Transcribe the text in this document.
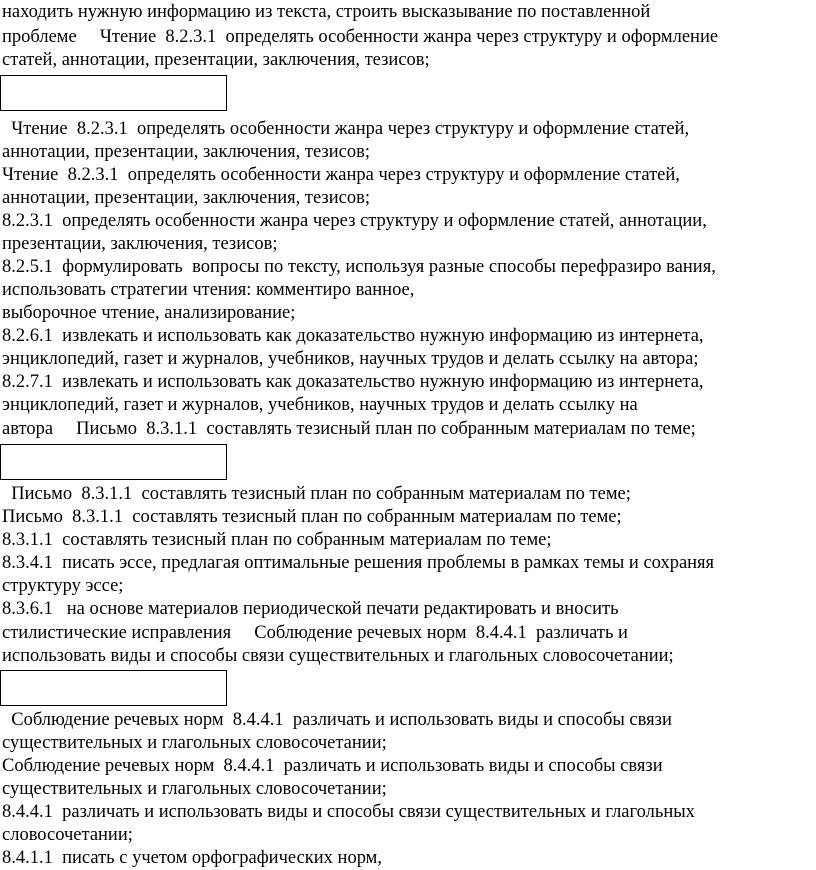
находить нужную информацию из текста, строить высказывание по поставленной
проблеме     Чтение  8.2.3.1  определять особенности жанра через структуру и оформление
статей, аннотации, презентации, заключения, тезисов;
Чтение  8.2.3.1  определять особенности жанра через структуру и оформление статей,
аннотации, презентации, заключения, тезисов;
Чтение  8.2.3.1  определять особенности жанра через структуру и оформление статей,
аннотации, презентации, заключения, тезисов;
8.2.3.1  определять особенности жанра через структуру и оформление статей, аннотации,
презентации, заключения, тезисов;
8.2.5.1  формулировать  вопросы по тексту, используя разные способы перефразиро вания,
использовать стратегии чтения: комментиро ванное,
выборочное чтение, анализирование;
8.2.6.1  извлекать и использовать как доказательство нужную информацию из интернета,
энциклопедий, газет и журналов, учебников, научных трудов и делать ссылку на автора;
8.2.7.1  извлекать и использовать как доказательство нужную информацию из интернета,
энциклопедий, газет и журналов, учебников, научных трудов и делать ссылку на
автора     Письмо  8.3.1.1  составлять тезисный план по собранным материалам по теме;
Письмо  8.3.1.1  составлять тезисный план по собранным материалам по теме;
Письмо  8.3.1.1  составлять тезисный план по собранным материалам по теме;
8.3.1.1  составлять тезисный план по собранным материалам по теме;
8.3.4.1  писать эссе, предлагая оптимальные решения проблемы в рамках темы и сохраняя
структуру эссе;
8.3.6.1   на основе материалов периодической печати редактировать и вносить
стилистические исправления     Соблюдение речевых норм  8.4.4.1  различать и
использовать виды и способы связи существительных и глагольных словосочетании;
Соблюдение речевых норм  8.4.4.1  различать и использовать виды и способы связи
существительных и глагольных словосочетании;
Соблюдение речевых норм  8.4.4.1  различать и использовать виды и способы связи
существительных и глагольных словосочетании;
8.4.4.1  различать и использовать виды и способы связи существительных и глагольных
словосочетании;
8.4.1.1  писать с учетом орфографических норм,
